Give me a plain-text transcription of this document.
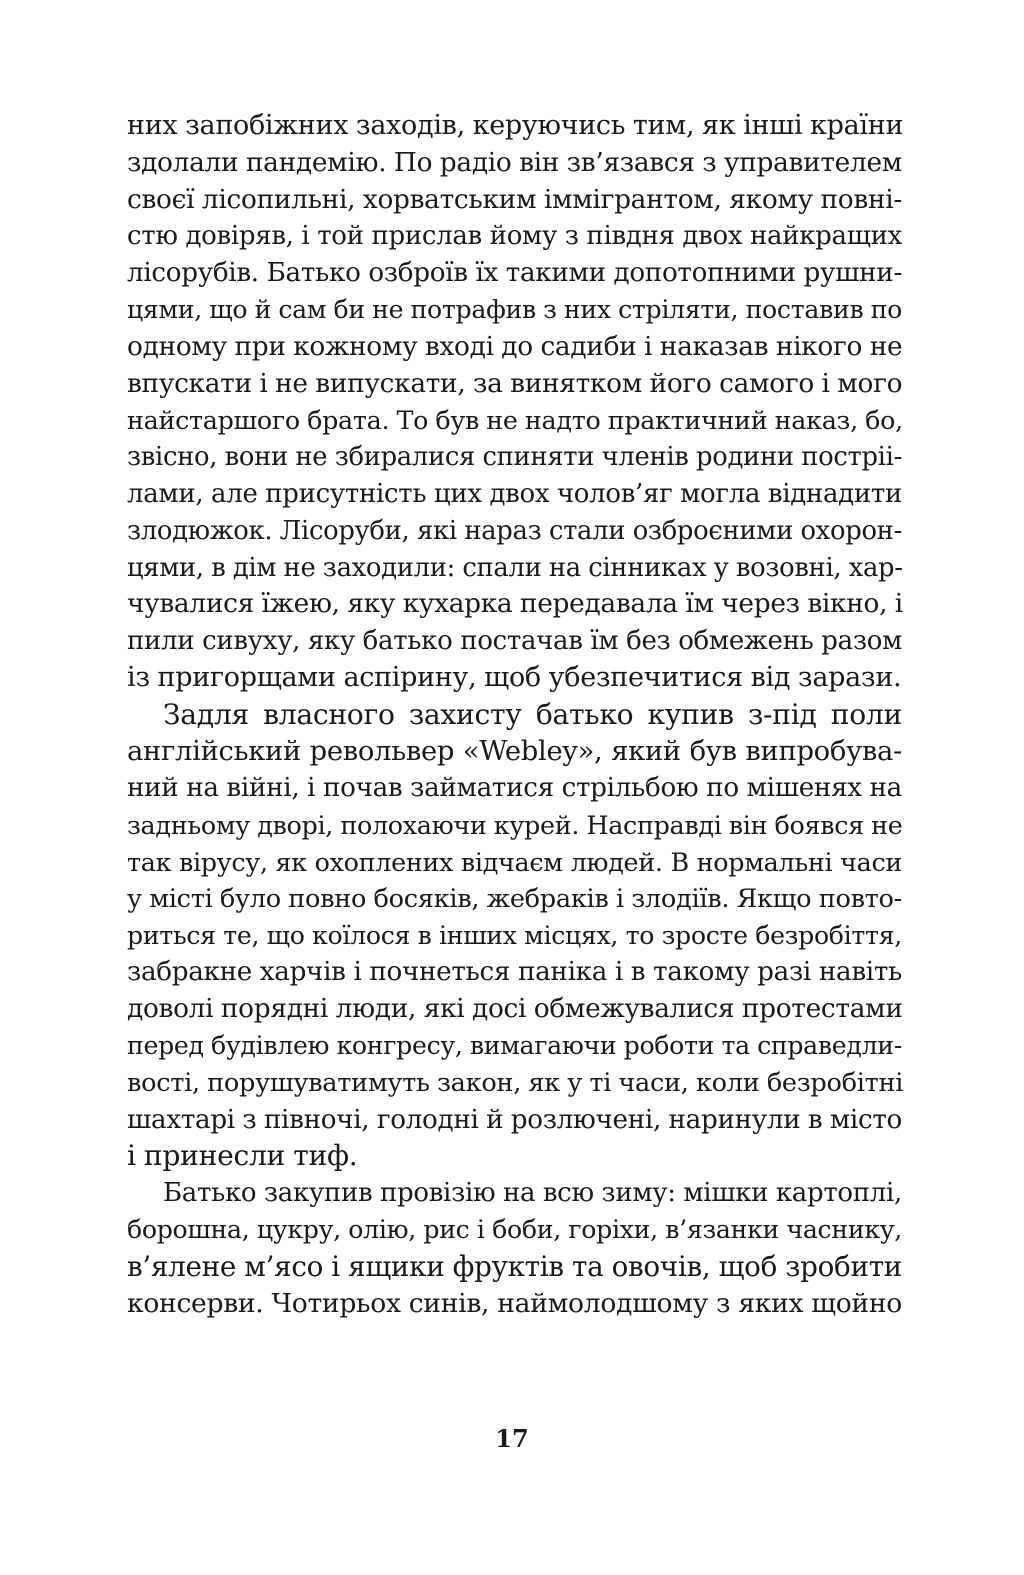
них запобіжних заходів, керуючись тим, як інші країни
здолали пандемію. По радіо він зв’язався з управителем
своєї лісопильні, хорватським іммігрантом, якому повні-
стю довіряв, і той прислав йому з півдня двох найкращих
лісорубів. Батько озброїв їх такими допотопними рушни-
цями, що й сам би не потрафив з них стріляти, поставив по
одному при кожному вході до садиби і наказав нікого не
впускати і не випускати, за винятком його самого і мого
найстаршого брата. То був не надто практичний наказ, бо,
звісно, вони не збиралися спиняти членів родини постріі-
лами, але присутність цих двох чолов’яг могла віднадити
злодюжок. Лісоруби, які нараз стали озброєними охорон-
цями, в дім не заходили: спали на сінниках у возовні, хар-
чувалися їжею, яку кухарка передавала їм через вікно, і
пили сивуху, яку батько постачав їм без обмежень разом
із пригорщами аспірину, щоб убезпечитися від зарази.
Задля власного захисту батько купив з-під поли
англійський револьвер «Webley», який був випробува-
ний на війні, і почав займатися стрільбою по мішенях на
задньому дворі, полохаючи курей. Насправді він боявся не
так вірусу, як охоплених відчаєм людей. В нормальні часи
у місті було повно босяків, жебраків і злодіїв. Якщо повто-
риться те, що коїлося в інших місцях, то зросте безробіття,
забракне харчів і почнеться паніка і в такому разі навіть
доволі порядні люди, які досі обмежувалися протестами
перед будівлею конгресу, вимагаючи роботи та справедли-
вості, порушуватимуть закон, як у ті часи, коли безробітні
шахтарі з півночі, голодні й розлючені, наринули в місто
і принесли тиф.
Батько закупив провізію на всю зиму: мішки картоплі,
борошна, цукру, олію, рис і боби, горіхи, в’язанки часнику,
в’ялене м’ясо і ящики фруктів та овочів, щоб зробити
консерви. Чотирьох синів, наймолодшому з яких щойно
17
